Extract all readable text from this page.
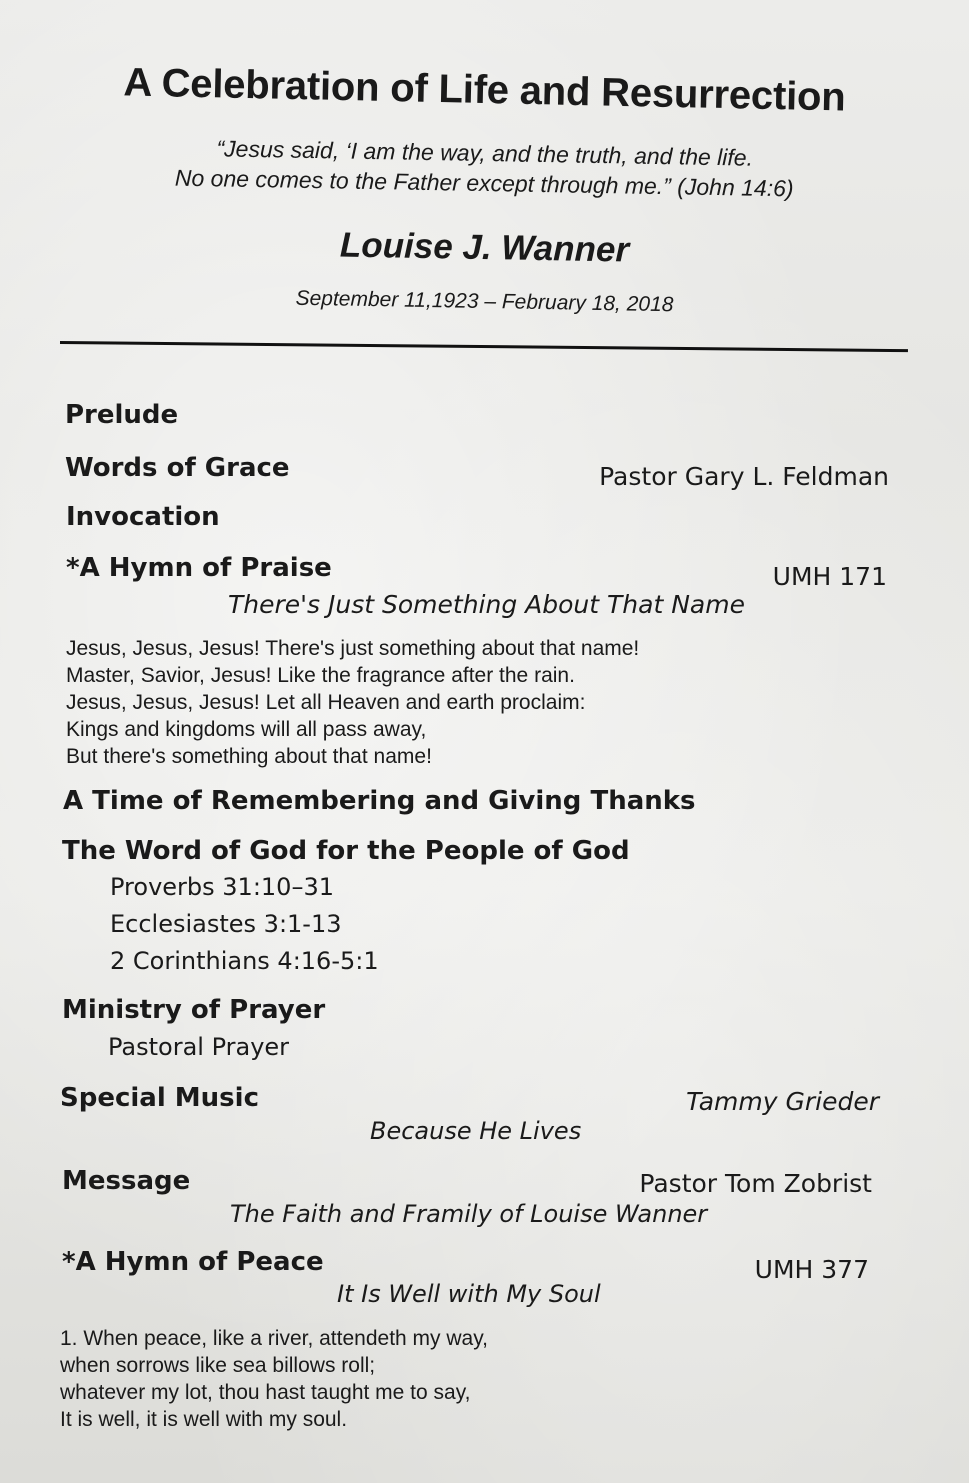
A Celebration of Life and Resurrection
“Jesus said, ‘I am the way, and the truth, and the life.
No one comes to the Father except through me.” (John 14:6)
Louise J. Wanner
September 11,1923 – February 18, 2018
Prelude
Words of Grace	Pastor Gary L. Feldman
Invocation
*A Hymn of Praise	UMH 171
There's Just Something About That Name
Jesus, Jesus, Jesus! There's just something about that name!
Master, Savior, Jesus! Like the fragrance after the rain.
Jesus, Jesus, Jesus! Let all Heaven and earth proclaim:
Kings and kingdoms will all pass away,
But there's something about that name!
A Time of Remembering and Giving Thanks
The Word of God for the People of God
Proverbs 31:10–31
Ecclesiastes 3:1-13
2 Corinthians 4:16-5:1
Ministry of Prayer
Pastoral Prayer
Special Music	Tammy Grieder
Because He Lives
Message	Pastor Tom Zobrist
The Faith and Framily of Louise Wanner
*A Hymn of Peace	UMH 377
It Is Well with My Soul
1. When peace, like a river, attendeth my way,
when sorrows like sea billows roll;
whatever my lot, thou hast taught me to say,
It is well, it is well with my soul.
